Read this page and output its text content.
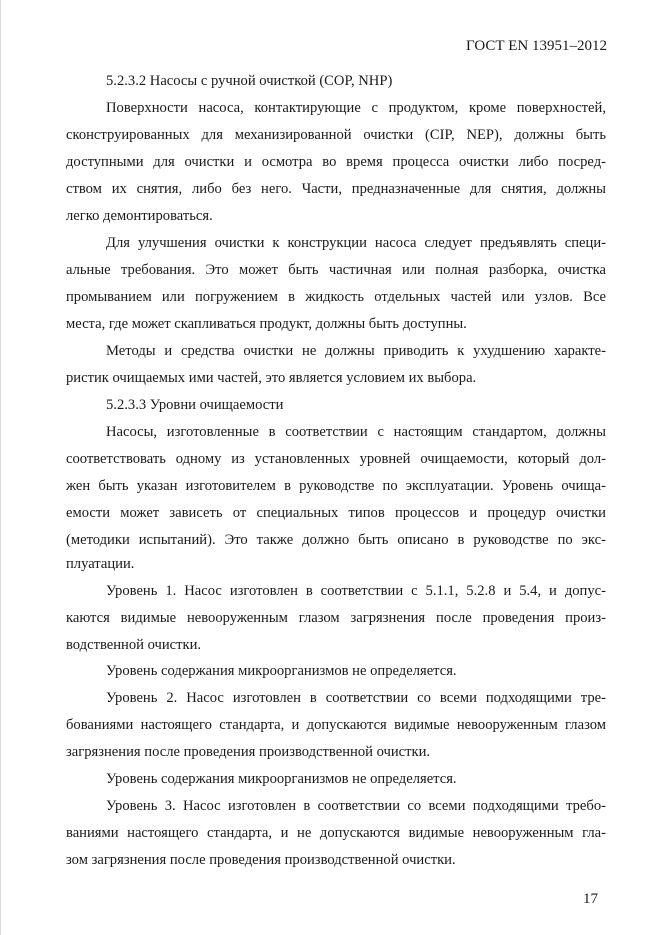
ГОСТ EN 13951–2012
5.2.3.2 Насосы с ручной очисткой (COP, NHP)
Поверхности насоса, контактирующие с продуктом, кроме поверхностей,
сконструированных для механизированной очистки (CIP, NEP), должны быть
доступными для очистки и осмотра во время процесса очистки либо посред-
ством их снятия, либо без него. Части, предназначенные для снятия, должны
легко демонтироваться.
Для улучшения очистки к конструкции насоса следует предъявлять специ-
альные требования. Это может быть частичная или полная разборка, очистка
промыванием или погружением в жидкость отдельных частей или узлов. Все
места, где может скапливаться продукт, должны быть доступны.
Методы и средства очистки не должны приводить к ухудшению характе-
ристик очищаемых ими частей, это является условием их выбора.
5.2.3.3 Уровни очищаемости
Насосы, изготовленные в соответствии с настоящим стандартом, должны
соответствовать одному из установленных уровней очищаемости, который дол-
жен быть указан изготовителем в руководстве по эксплуатации. Уровень очища-
емости может зависеть от специальных типов процессов и процедур очистки
(методики испытаний). Это также должно быть описано в руководстве по экс-
плуатации.
Уровень 1. Насос изготовлен в соответствии с 5.1.1, 5.2.8 и 5.4, и допус-
каются видимые невооруженным глазом загрязнения после проведения произ-
водственной очистки.
Уровень содержания микроорганизмов не определяется.
Уровень 2. Насос изготовлен в соответствии со всеми подходящими тре-
бованиями настоящего стандарта, и допускаются видимые невооруженным глазом
загрязнения после проведения производственной очистки.
Уровень содержания микроорганизмов не определяется.
Уровень 3. Насос изготовлен в соответствии со всеми подходящими требо-
ваниями настоящего стандарта, и не допускаются видимые невооруженным гла-
зом загрязнения после проведения производственной очистки.
17
